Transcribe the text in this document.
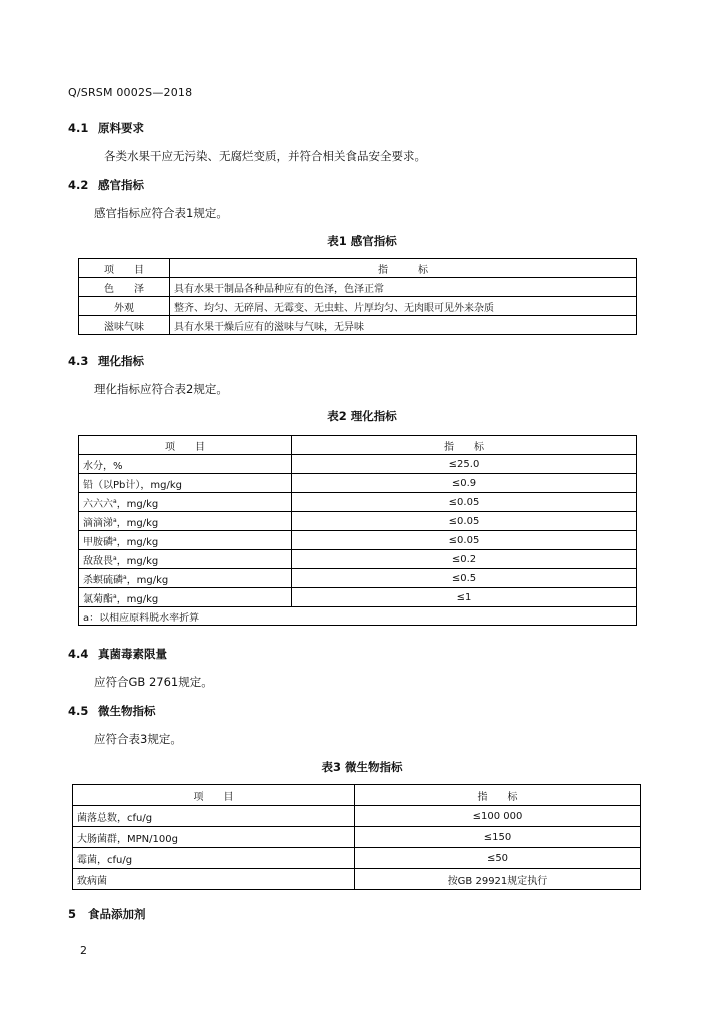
Q/SRSM 0002S—2018
4.1 原料要求
各类水果干应无污染、无腐烂变质，并符合相关食品安全要求。
4.2 感官指标
感官指标应符合表1规定。
表1 感官指标
项　　目	指　　　标
色　　泽	具有水果干制品各种品种应有的色泽，色泽正常
外观	整齐、均匀、无碎屑、无霉变、无虫蛀、片厚均匀、无肉眼可见外来杂质
滋味气味	具有水果干燥后应有的滋味与气味，无异味
4.3 理化指标
理化指标应符合表2规定。
表2 理化指标
项　　目	指　　标
水分，%	≤25.0
铅（以Pb计），mg/kg	≤0.9
六六六$^a$，mg/kg	≤0.05
滴滴涕$^a$，mg/kg	≤0.05
甲胺磷$^a$，mg/kg	≤0.05
敌敌畏$^a$，mg/kg	≤0.2
杀螟硫磷$^a$，mg/kg	≤0.5
氯菊酯$^a$，mg/kg	≤1
a：以相应原料脱水率折算	
4.4 真菌毒素限量
应符合GB 2761规定。
4.5 微生物指标
应符合表3规定。
表3 微生物指标
项　　目	指　　标
菌落总数，cfu/g	≤100 000
大肠菌群，MPN/100g	≤150
霉菌，cfu/g	≤50
致病菌	按GB 29921规定执行
5 食品添加剂
2
